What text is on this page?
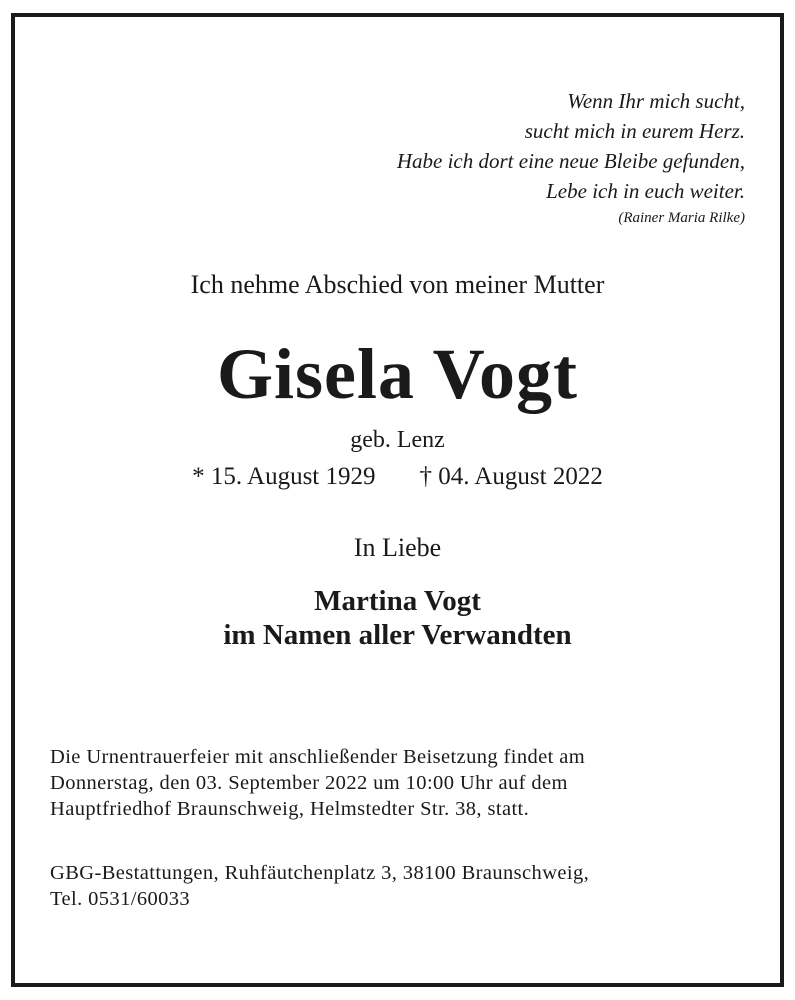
Wenn Ihr mich sucht,
sucht mich in eurem Herz.
Habe ich dort eine neue Bleibe gefunden,
Lebe ich in euch weiter.
(Rainer Maria Rilke)
Ich nehme Abschied von meiner Mutter
Gisela Vogt
geb. Lenz
* 15. August 1929 † 04. August 2022
In Liebe
Martina Vogt
im Namen aller Verwandten
Die Urnentrauerfeier mit anschließender Beisetzung findet am
Donnerstag, den 03. September 2022 um 10:00 Uhr auf dem
Hauptfriedhof Braunschweig, Helmstedter Str. 38, statt.
GBG-Bestattungen, Ruhfäutchenplatz 3, 38100 Braunschweig,
Tel. 0531/60033
